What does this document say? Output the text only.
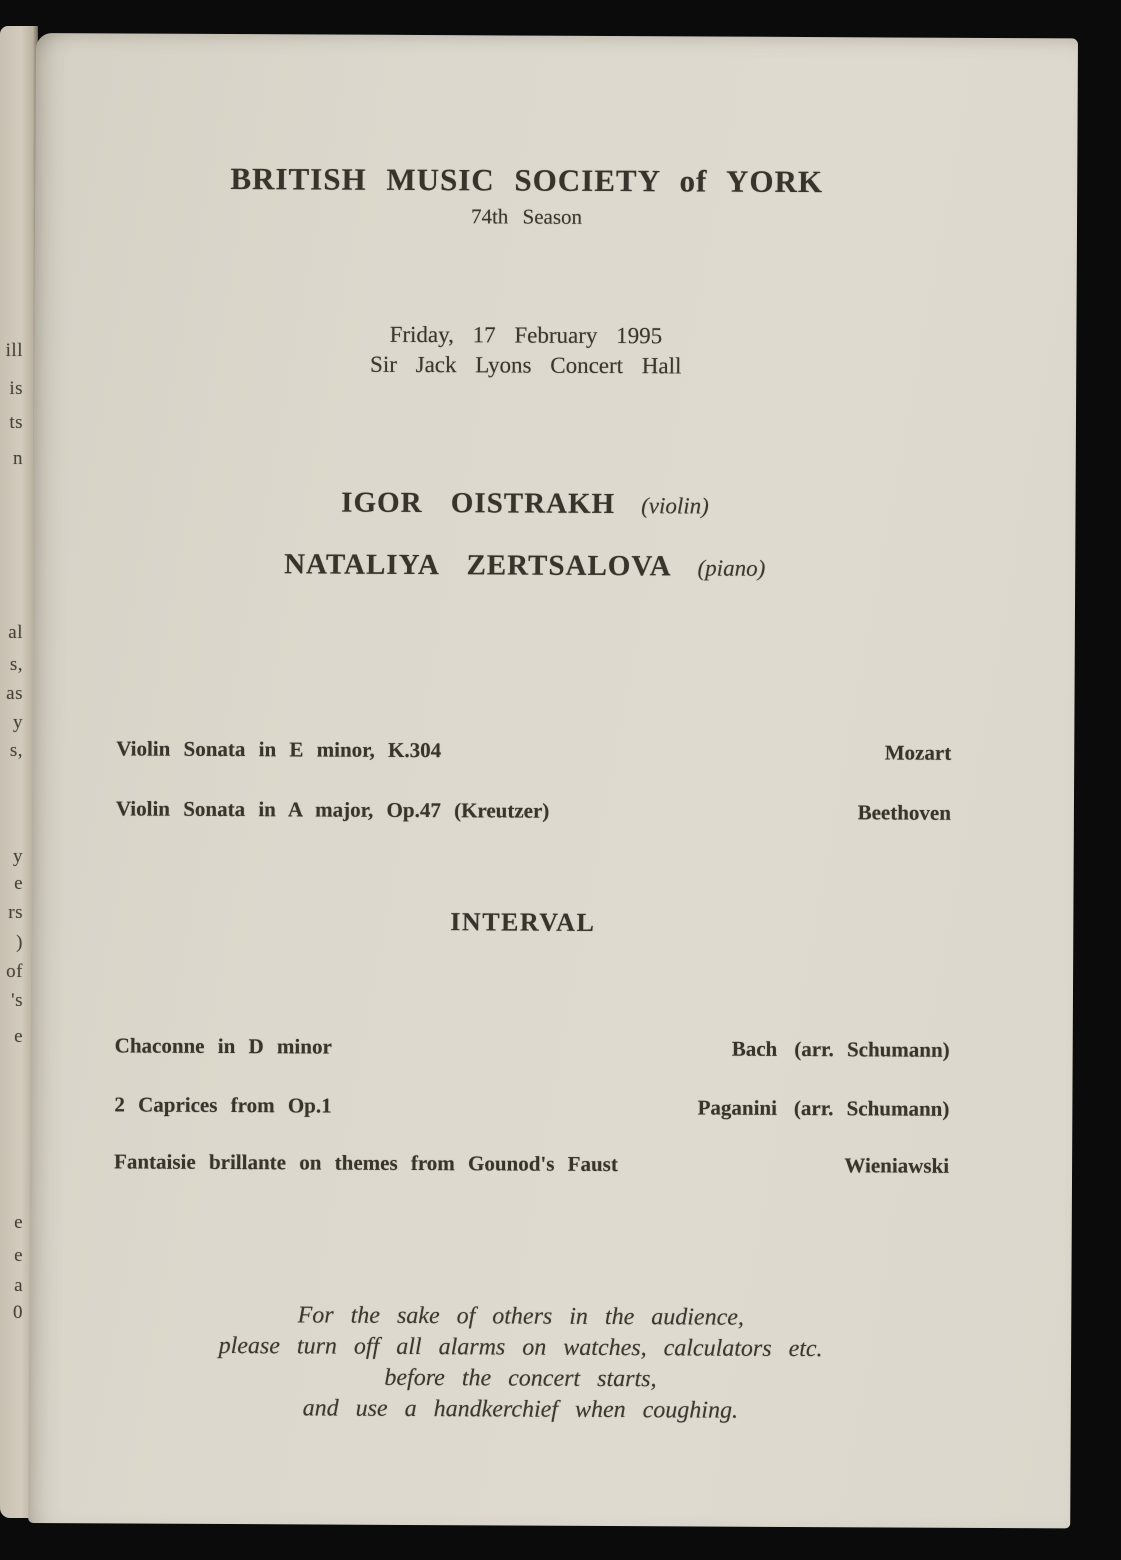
ill
is
ts
n
al
s,
as
y
s,
y
e
rs
)
of
's
e
e
e
a
0
BRITISH MUSIC SOCIETY of YORK
74th Season
Friday, 17 February 1995
Sir Jack Lyons Concert Hall
IGOR OISTRAKH (violin)
NATALIYA ZERTSALOVA (piano)
Violin Sonata in E minor, K.304	Mozart
Violin Sonata in A major, Op.47 (Kreutzer)	Beethoven
INTERVAL
Chaconne in D minor	Bach (arr. Schumann)
2 Caprices from Op.1	Paganini (arr. Schumann)
Fantaisie brillante on themes from Gounod's Faust	Wieniawski
For the sake of others in the audience,
please turn off all alarms on watches, calculators etc.
before the concert starts,
and use a handkerchief when coughing.
